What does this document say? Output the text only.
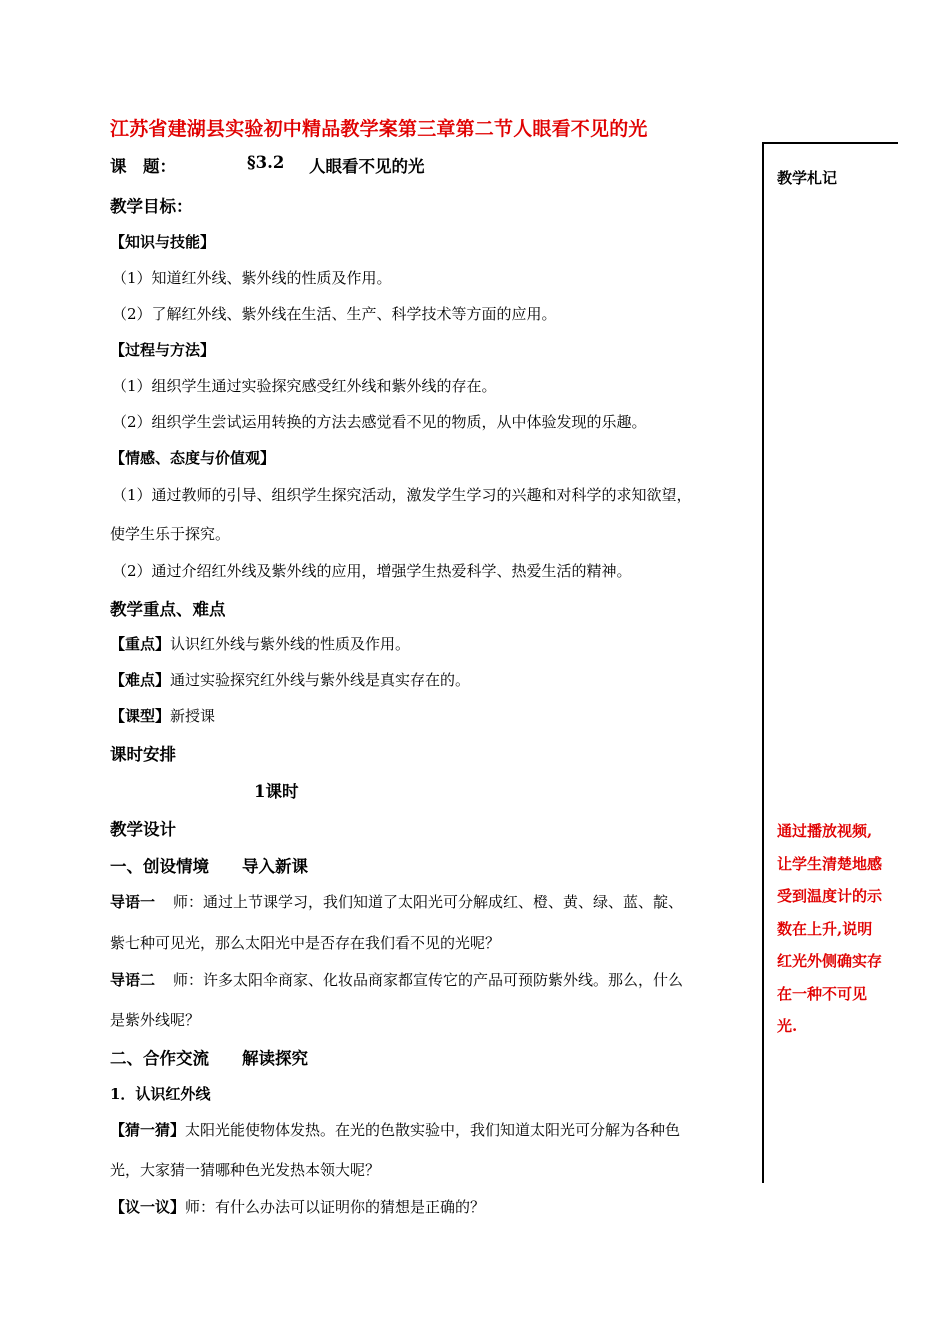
江苏省建湖县实验初中精品教学案第三章第二节人眼看不见的光
教学札记
课　题：	§3.2 人眼看不见的光
教学目标：
【知识与技能】
（1）知道红外线、紫外线的性质及作用。
（2）了解红外线、紫外线在生活、生产、科学技术等方面的应用。
【过程与方法】
（1）组织学生通过实验探究感受红外线和紫外线的存在。
（2）组织学生尝试运用转换的方法去感觉看不见的物质，从中体验发现的乐趣。
【情感、态度与价值观】
（1）通过教师的引导、组织学生探究活动，激发学生学习的兴趣和对科学的求知欲望，
使学生乐于探究。
（2）通过介绍红外线及紫外线的应用，增强学生热爱科学、热爱生活的精神。
教学重点、难点
【重点】认识红外线与紫外线的性质及作用。
【难点】通过实验探究红外线与紫外线是真实存在的。
【课型】新授课
课时安排
1课时
教学设计
一、创设情境　　导入新课
导语一 师：通过上节课学习，我们知道了太阳光可分解成红、橙、黄、绿、蓝、靛、
紫七种可见光，那么太阳光中是否存在我们看不见的光呢？
导语二 师：许多太阳伞商家、化妆品商家都宣传它的产品可预防紫外线。那么，什么
是紫外线呢？
二、合作交流　　解读探究
1．认识红外线
【猜一猜】太阳光能使物体发热。在光的色散实验中，我们知道太阳光可分解为各种色
光，大家猜一猜哪种色光发热本领大呢？
【议一议】师：有什么办法可以证明你的猜想是正确的？
通过播放视频,
让学生清楚地感
受到温度计的示
数在上升,说明
红光外侧确实存
在一种不可见
光.
